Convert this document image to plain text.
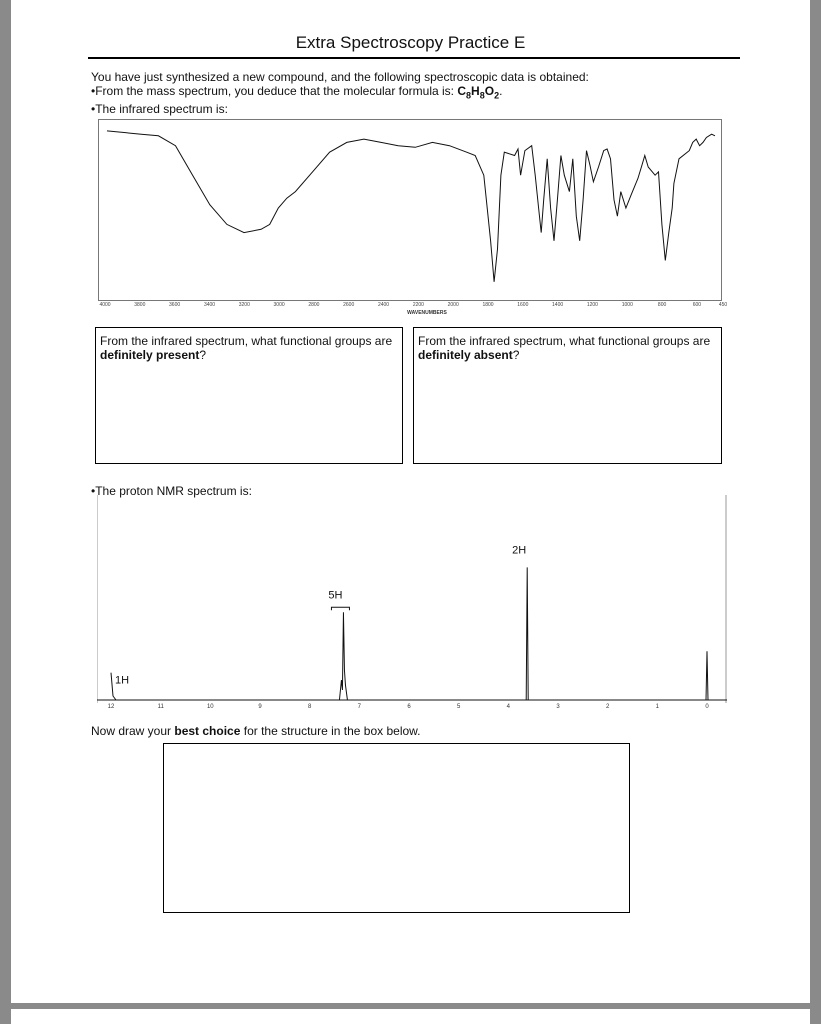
Extra Spectroscopy Practice E
You have just synthesized a new compound, and the following spectroscopic data is obtained:
• From the mass spectrum, you deduce that the molecular formula is: $C_8H_8O_2$.
• The infrared spectrum is:
4000	3800	3600	3400	3200	3000	2800	2600	2400	2200	2000	1800	1600	1400	1200	1000	800	600	450
WAVENUMBERS
From the infrared spectrum, what functional groups are definitely present?
From the infrared spectrum, what functional groups are definitely absent?
• The proton NMR spectrum is:
12	11	10	9	8	7	6	5	4	3	2	1	0
1H
5H
2H
Now draw your best choice for the structure in the box below.
